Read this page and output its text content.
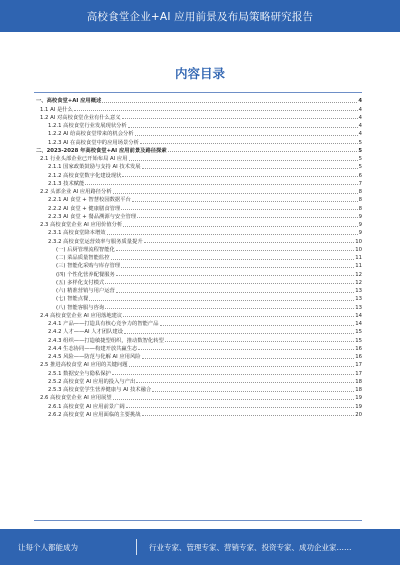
高校食堂企业+AI 应用前景及布局策略研究报告
内容目录
一、高校食堂+AI 应用概述	4
1.1 AI 是什么	4
1.2 AI 对高校食堂企业有什么意义	4
1.2.1 高校食堂行业发展现状分析	4
1.2.2 AI 给高校食堂带来的机会分析	4
1.2.3 AI 在高校食堂中的应用场景分析	5
二、2023-2028 年高校食堂+AI 应用前景及路径探索	5
2.1 行业头部企业已开始布局 AI 应用	5
2.1.1 国家政策鼓励与支持 AI 技术发展	5
2.1.2 高校食堂数字化建设现状	6
2.1.3 技术赋能	7
2.2 头部企业 AI 应用路径分析	8
2.2.1 AI 食堂 + 智慧校园数据平台	8
2.2.2 AI 食堂 + 健康膳食管理	8
2.2.3 AI 食堂 + 餐品溯源与安全管理	9
2.3 高校食堂企业 AI 应用价值分析	9
2.3.1 高校食堂降本增效	9
2.3.2 高校食堂运营效率与服务质量提升	10
(一) 后厨管理流程智能化	10
(二) 菜品质量智能监控	11
(三) 智能化采购与库存管理	11
(四) 个性化营养配餐服务	12
(五) 多样化支付模式	12
(六) 精准营销与用户运营	13
(七) 智能点餐	13
(八) 智能客服与咨询	13
2.4 高校食堂企业 AI 应用落地建议	14
2.4.1 产品——打造具有核心竞争力的智能产品	14
2.4.2 人才——AI 人才团队建设	15
2.4.3 组织——打造敏捷型组织，推动数智化转型	15
2.4.4 生态协同——构建开放共赢生态	16
2.4.5 风险——防范与化解 AI 应用风险	16
2.5 推进高校食堂 AI 应用的关键问题	17
2.5.1 数据安全与隐私保护	17
2.5.2 高校食堂 AI 应用的投入与产出	18
2.5.3 高校食堂学生营养健康与 AI 技术融合	18
2.6 高校食堂企业 AI 应用展望	19
2.6.1 高校食堂 AI 应用前景广阔	19
2.6.2 高校食堂 AI 应用面临的主要挑战	20
让每个人都能成为	行业专家、管理专家、营销专家、投资专家、成功企业家……
